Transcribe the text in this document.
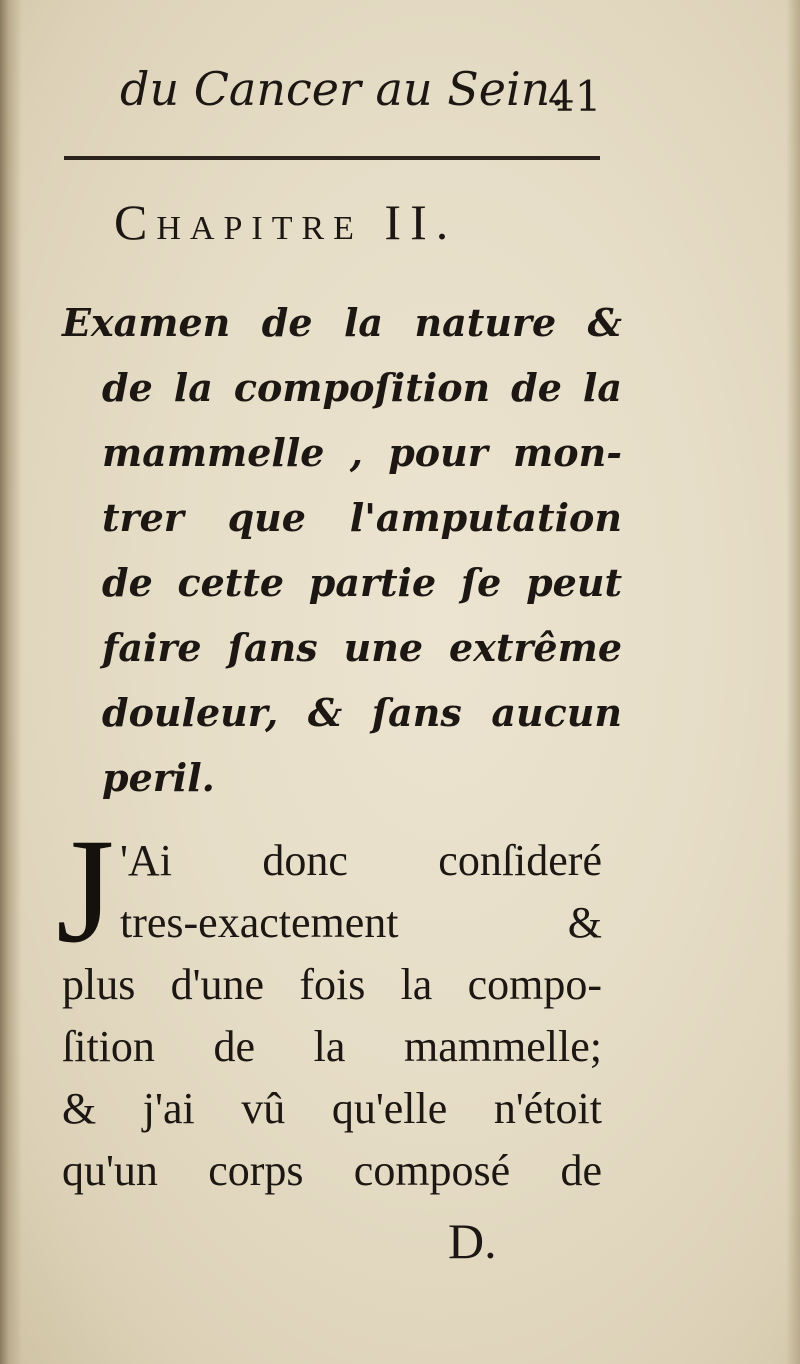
du Cancer au Sein.
41
CHAPITRE II.
Examen de la nature &
de la compoſition de la
mammelle , pour mon-
trer que l'amputation
de cette partie ſe peut
faire ſans une extrême
douleur, & ſans aucun
peril.
J 'Ai donc conſideré
tres-exactement &
plus d'une fois la compo-
ſition de la mammelle;
& j'ai vû qu'elle n'étoit
qu'un corps composé de
D.
